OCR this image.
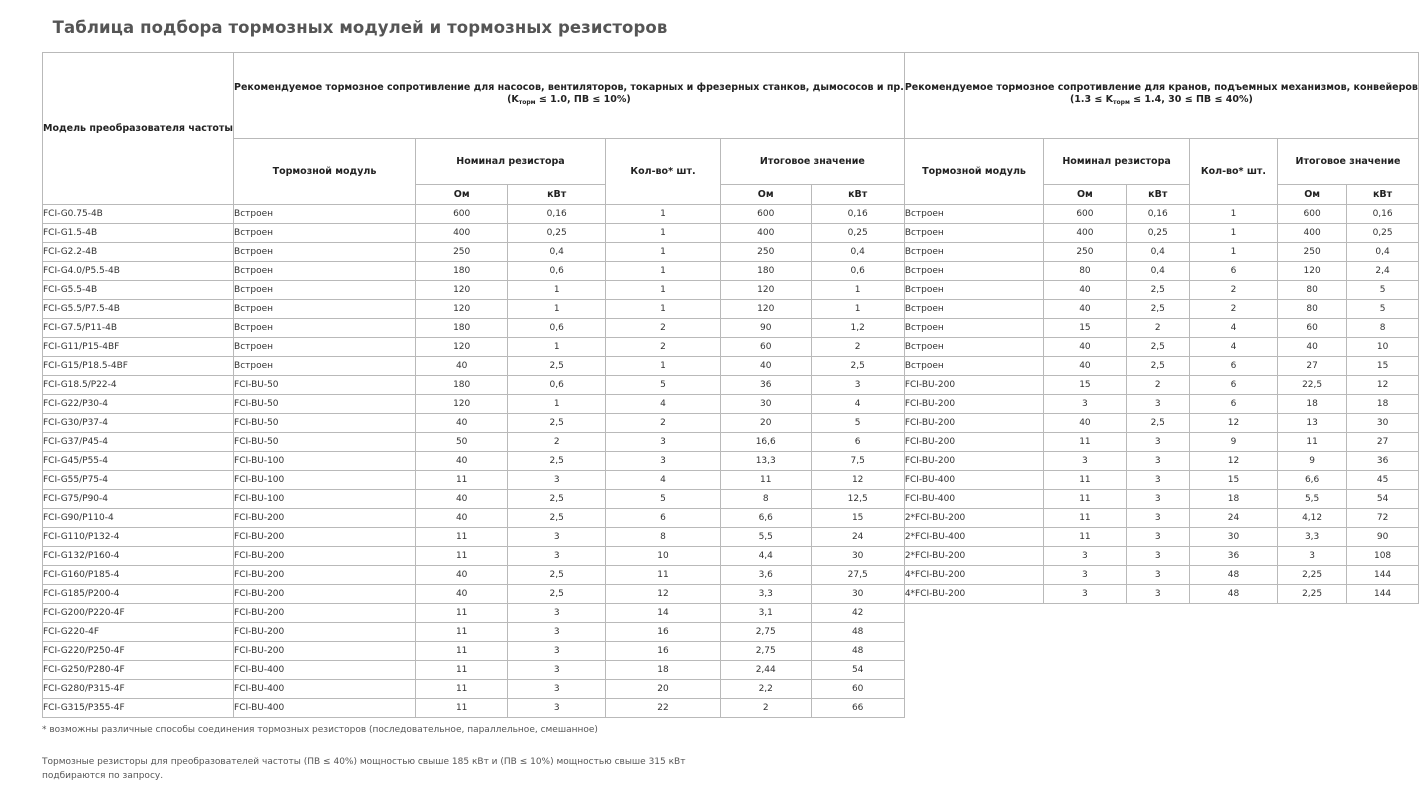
Таблица подбора тормозных модулей и тормозных резисторов
Модель преобразователя частоты	Рекомендуемое тормозное сопротивление для насосов, вентиляторов, токарных и фрезерных станков, дымососов и пр.
($K_{торм} \le 1.0$, ПВ ≤ 10%)						Рекомендуемое тормозное сопротивление для кранов, подъемных механизмов, конвейеров
($1.3 \le K_{торм} \le 1.4$, 30 ≤ ПВ ≤ 40%)					
	Тормозной модуль	Номинал резистора		Кол-во* шт.	Итоговое значение		Тормозной модуль	Номинал резистора		Кол-во* шт.	Итоговое значение	
		Ом	кВт		Ом	кВт		Ом	кВт		Ом	кВт
FCI-G0.75-4B	Встроен	600	0,16	1	600	0,16	Встроен	600	0,16	1	600	0,16
FCI-G1.5-4B	Встроен	400	0,25	1	400	0,25	Встроен	400	0,25	1	400	0,25
FCI-G2.2-4B	Встроен	250	0,4	1	250	0,4	Встроен	250	0,4	1	250	0,4
FCI-G4.0/P5.5-4B	Встроен	180	0,6	1	180	0,6	Встроен	80	0,4	6	120	2,4
FCI-G5.5-4B	Встроен	120	1	1	120	1	Встроен	40	2,5	2	80	5
FCI-G5.5/P7.5-4B	Встроен	120	1	1	120	1	Встроен	40	2,5	2	80	5
FCI-G7.5/P11-4B	Встроен	180	0,6	2	90	1,2	Встроен	15	2	4	60	8
FCI-G11/P15-4BF	Встроен	120	1	2	60	2	Встроен	40	2,5	4	40	10
FCI-G15/P18.5-4BF	Встроен	40	2,5	1	40	2,5	Встроен	40	2,5	6	27	15
FCI-G18.5/P22-4	FCI-BU-50	180	0,6	5	36	3	FCI-BU-200	15	2	6	22,5	12
FCI-G22/P30-4	FCI-BU-50	120	1	4	30	4	FCI-BU-200	3	3	6	18	18
FCI-G30/P37-4	FCI-BU-50	40	2,5	2	20	5	FCI-BU-200	40	2,5	12	13	30
FCI-G37/P45-4	FCI-BU-50	50	2	3	16,6	6	FCI-BU-200	11	3	9	11	27
FCI-G45/P55-4	FCI-BU-100	40	2,5	3	13,3	7,5	FCI-BU-200	3	3	12	9	36
FCI-G55/P75-4	FCI-BU-100	11	3	4	11	12	FCI-BU-400	11	3	15	6,6	45
FCI-G75/P90-4	FCI-BU-100	40	2,5	5	8	12,5	FCI-BU-400	11	3	18	5,5	54
FCI-G90/P110-4	FCI-BU-200	40	2,5	6	6,6	15	2*FCI-BU-200	11	3	24	4,12	72
FCI-G110/P132-4	FCI-BU-200	11	3	8	5,5	24	2*FCI-BU-400	11	3	30	3,3	90
FCI-G132/P160-4	FCI-BU-200	11	3	10	4,4	30	2*FCI-BU-200	3	3	36	3	108
FCI-G160/P185-4	FCI-BU-200	40	2,5	11	3,6	27,5	4*FCI-BU-200	3	3	48	2,25	144
FCI-G185/P200-4	FCI-BU-200	40	2,5	12	3,3	30	4*FCI-BU-200	3	3	48	2,25	144
FCI-G200/P220-4F	FCI-BU-200	11	3	14	3,1	42						
FCI-G220-4F	FCI-BU-200	11	3	16	2,75	48						
FCI-G220/P250-4F	FCI-BU-200	11	3	16	2,75	48						
FCI-G250/P280-4F	FCI-BU-400	11	3	18	2,44	54						
FCI-G280/P315-4F	FCI-BU-400	11	3	20	2,2	60						
FCI-G315/P355-4F	FCI-BU-400	11	3	22	2	66						
* возможны различные способы соединения тормозных резисторов (последовательное, параллельное, смешанное)
Тормозные резисторы для преобразователей частоты (ПВ ≤ 40%) мощностью свыше 185 кВт и (ПВ ≤ 10%) мощностью свыше 315 кВт подбираются по запросу.
